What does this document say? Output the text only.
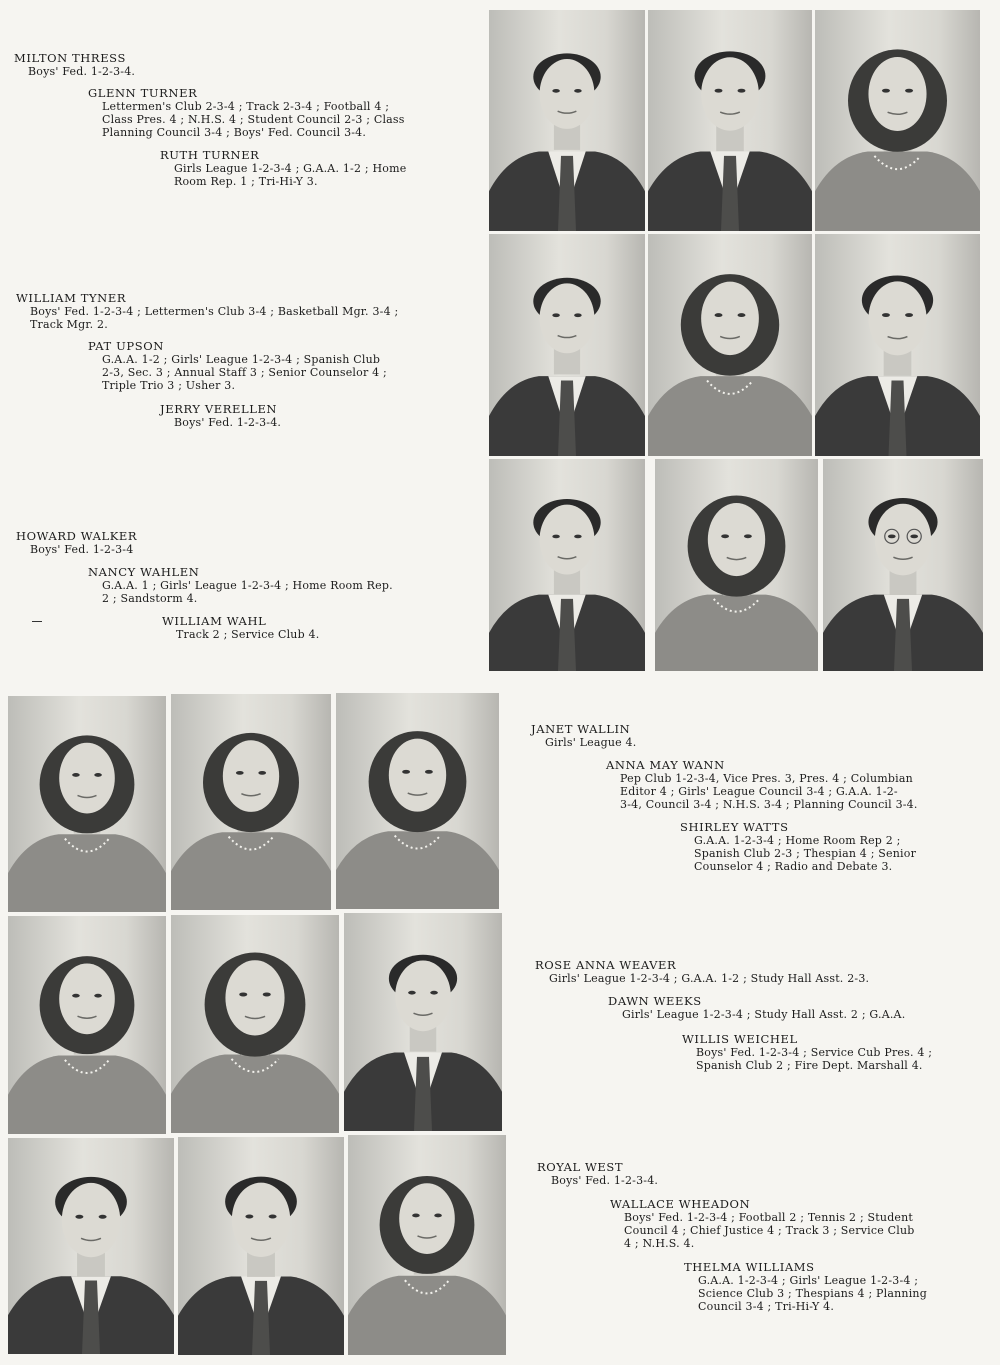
MILTON THRESS
Boys' Fed. 1-2-3-4.
GLENN TURNER
Lettermen's Club 2-3-4 ; Track 2-3-4 ; Football 4 ;
Class Pres. 4 ; N.H.S. 4 ; Student Council 2-3 ; Class
Planning Council 3-4 ; Boys' Fed. Council 3-4.
RUTH TURNER
Girls League 1-2-3-4 ; G.A.A. 1-2 ; Home
Room Rep. 1 ; Tri-Hi-Y 3.
WILLIAM TYNER
Boys' Fed. 1-2-3-4 ; Lettermen's Club 3-4 ; Basketball Mgr. 3-4 ;
Track Mgr. 2.
PAT UPSON
G.A.A. 1-2 ; Girls' League 1-2-3-4 ; Spanish Club
2-3, Sec. 3 ; Annual Staff 3 ; Senior Counselor 4 ;
Triple Trio 3 ; Usher 3.
JERRY VERELLEN
Boys' Fed. 1-2-3-4.
HOWARD WALKER
Boys' Fed. 1-2-3-4
NANCY WAHLEN
G.A.A. 1 ; Girls' League 1-2-3-4 ; Home Room Rep.
2 ; Sandstorm 4.
WILLIAM WAHL
Track 2 ; Service Club 4.
JANET WALLIN
Girls' League 4.
ANNA MAY WANN
Pep Club 1-2-3-4, Vice Pres. 3, Pres. 4 ; Columbian
Editor 4 ; Girls' League Council 3-4 ; G.A.A. 1-2-
3-4, Council 3-4 ; N.H.S. 3-4 ; Planning Council 3-4.
SHIRLEY WATTS
G.A.A. 1-2-3-4 ; Home Room Rep 2 ;
Spanish Club 2-3 ; Thespian 4 ; Senior
Counselor 4 ; Radio and Debate 3.
ROSE ANNA WEAVER
Girls' League 1-2-3-4 ; G.A.A. 1-2 ; Study Hall Asst. 2-3.
DAWN WEEKS
Girls' League 1-2-3-4 ; Study Hall Asst. 2 ; G.A.A.
WILLIS WEICHEL
Boys' Fed. 1-2-3-4 ; Service Cub Pres. 4 ;
Spanish Club 2 ; Fire Dept. Marshall 4.
ROYAL WEST
Boys' Fed. 1-2-3-4.
WALLACE WHEADON
Boys' Fed. 1-2-3-4 ; Football 2 ; Tennis 2 ; Student
Council 4 ; Chief Justice 4 ; Track 3 ; Service Club
4 ; N.H.S. 4.
THELMA WILLIAMS
G.A.A. 1-2-3-4 ; Girls' League 1-2-3-4 ;
Science Club 3 ; Thespians 4 ; Planning
Council 3-4 ; Tri-Hi-Y 4.
